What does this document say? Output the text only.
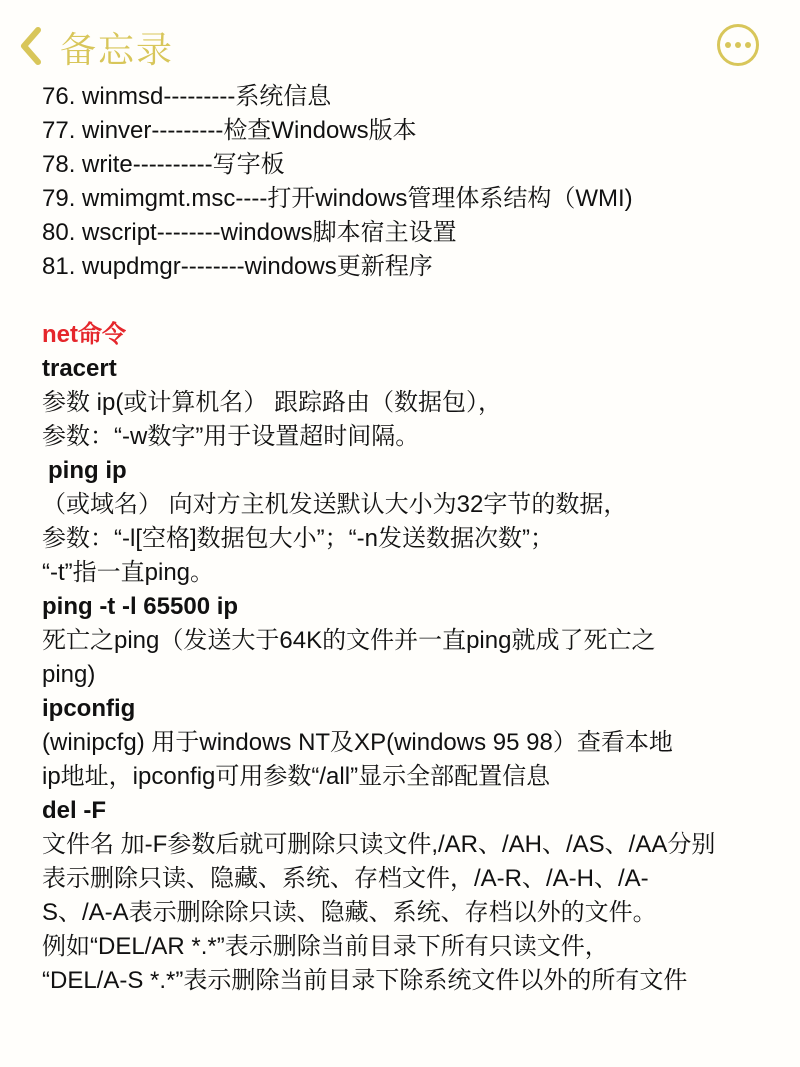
备忘录
76. winmsd---------系统信息
77. winver---------检查Windows版本
78. write----------写字板
79. wmimgmt.msc----打开windows管理体系结构（WMI)
80. wscript--------windows脚本宿主设置
81. wupdmgr--------windows更新程序
net命令
tracert
参数 ip(或计算机名） 跟踪路由（数据包），
参数：“-w数字”用于设置超时间隔。
ping ip
（或域名） 向对方主机发送默认大小为32字节的数据，
参数：“-l[空格]数据包大小”；“-n发送数据次数”；
“-t”指一直ping。
ping -t -l 65500 ip
死亡之ping（发送大于64K的文件并一直ping就成了死亡之
ping)
ipconfig
(winipcfg) 用于windows NT及XP(windows 95 98）查看本地
ip地址，ipconfig可用参数“/all”显示全部配置信息
del -F
文件名 加-F参数后就可删除只读文件,/AR、/AH、/AS、/AA分别
表示删除只读、隐藏、系统、存档文件，/A-R、/A-H、/A-
S、/A-A表示删除除只读、隐藏、系统、存档以外的文件。
例如“DEL/AR *.*”表示删除当前目录下所有只读文件，
“DEL/A-S *.*”表示删除当前目录下除系统文件以外的所有文件
